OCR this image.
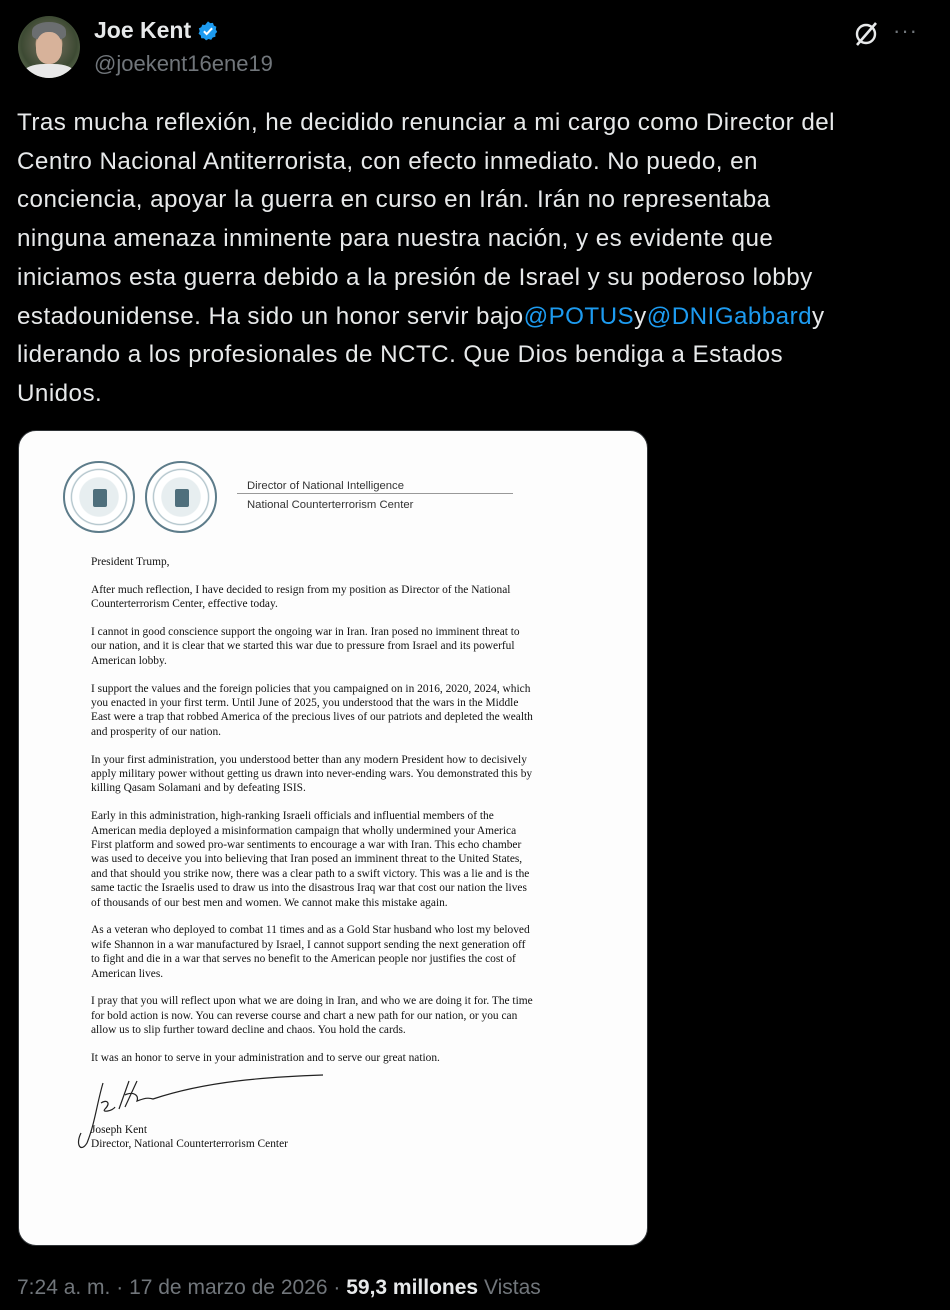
Joe Kent
@joekent16ene19
···
Tras mucha reflexión, he decidido renunciar a mi cargo como Director del
Centro Nacional Antiterrorista, con efecto inmediato. No puedo, en
conciencia, apoyar la guerra en curso en Irán. Irán no representaba
ninguna amenaza inminente para nuestra nación, y es evidente que
iniciamos esta guerra debido a la presión de Israel y su poderoso lobby
estadounidense. Ha sido un honor servir bajo@POTUSy@DNIGabbardy
liderando a los profesionales de NCTC. Que Dios bendiga a Estados
Unidos.
Director of National Intelligence
National Counterterrorism Center

President Trump,

After much reflection, I have decided to resign from my position as Director of the National
Counterterrorism Center, effective today.

I cannot in good conscience support the ongoing war in Iran. Iran posed no imminent threat to
our nation, and it is clear that we started this war due to pressure from Israel and its powerful
American lobby.

I support the values and the foreign policies that you campaigned on in 2016, 2020, 2024, which
you enacted in your first term. Until June of 2025, you understood that the wars in the Middle
East were a trap that robbed America of the precious lives of our patriots and depleted the wealth
and prosperity of our nation.

In your first administration, you understood better than any modern President how to decisively
apply military power without getting us drawn into never-ending wars. You demonstrated this by
killing Qasam Solamani and by defeating ISIS.

Early in this administration, high-ranking Israeli officials and influential members of the
American media deployed a misinformation campaign that wholly undermined your America
First platform and sowed pro-war sentiments to encourage a war with Iran. This echo chamber
was used to deceive you into believing that Iran posed an imminent threat to the United States,
and that should you strike now, there was a clear path to a swift victory. This was a lie and is the
same tactic the Israelis used to draw us into the disastrous Iraq war that cost our nation the lives
of thousands of our best men and women. We cannot make this mistake again.

As a veteran who deployed to combat 11 times and as a Gold Star husband who lost my beloved
wife Shannon in a war manufactured by Israel, I cannot support sending the next generation off
to fight and die in a war that serves no benefit to the American people nor justifies the cost of
American lives.

I pray that you will reflect upon what we are doing in Iran, and who we are doing it for. The time
for bold action is now. You can reverse course and chart a new path for our nation, or you can
allow us to slip further toward decline and chaos. You hold the cards.

It was an honor to serve in your administration and to serve our great nation.

Joseph Kent
Director, National Counterterrorism Center
7:24 a. m. · 17 de marzo de 2026 · 59,3 millones Vistas
